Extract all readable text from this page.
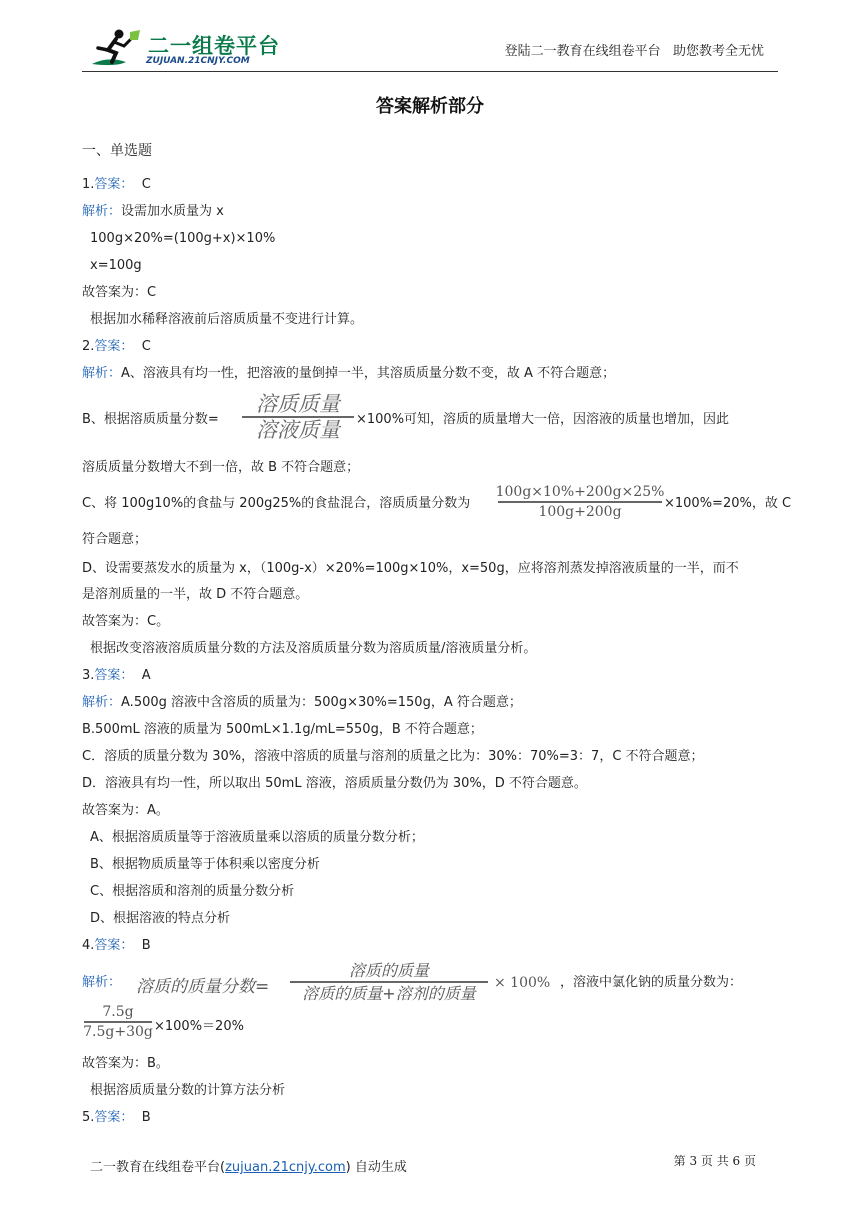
二一组卷平台
ZUJUAN.21CNJY.COM
登陆二一教育在线组卷平台   助您教考全无忧
答案解析部分
一、单选题
1.答案： C
解析：设需加水质量为 x
100g×20%=(100g+x)×10%
x=100g
故答案为：C
根据加水稀释溶液前后溶质质量不变进行计算。
2.答案： C
解析：A、溶液具有均一性，把溶液的量倒掉一半，其溶质质量分数不变，故 A 不符合题意；
B、根据溶质质量分数=
溶质质量
溶液质量 ×100%可知，溶质的质量增大一倍，因溶液的质量也增加，因此
溶质质量分数增大不到一倍，故 B 不符合题意；
C、将 100g10%的食盐与 200g25%的食盐混合，溶质质量分数为
100g×10%+200g×25%
100g+200g	×100%=20%，故 C
符合题意；
D、设需要蒸发水的质量为 x，（100g-x）×20%=100g×10%，x=50g，应将溶剂蒸发掉溶液质量的一半，而不
是溶剂质量的一半，故 D 不符合题意。
故答案为：C。
根据改变溶液溶质质量分数的方法及溶质质量分数为溶质质量/溶液质量分析。
3.答案： A
解析：A.500g 溶液中含溶质的质量为：500g×30%=150g，A 符合题意；
B.500mL 溶液的质量为 500mL×1.1g/mL=550g，B 不符合题意；
C．溶质的质量分数为 30%，溶液中溶质的质量与溶剂的质量之比为：30%：70%=3：7，C 不符合题意；
D．溶液具有均一性，所以取出 50mL 溶液，溶质质量分数仍为 30%，D 不符合题意。
故答案为：A。
A、根据溶质质量等于溶液质量乘以溶质的质量分数分析；
B、根据物质质量等于体积乘以密度分析
C、根据溶质和溶剂的质量分数分析
D、根据溶液的特点分析
4.答案： B
解析： 溶质的质量分数=
溶质的质量
溶质的质量+溶剂的质量
× 100% ，溶液中氯化钠的质量分数为：
7.5g
7.5g+30g ×100%＝20%
故答案为：B。
根据溶质质量分数的计算方法分析
5.答案： B
二一教育在线组卷平台(zujuan.21cnjy.com) 自动生成	第 3 页 共 6 页
